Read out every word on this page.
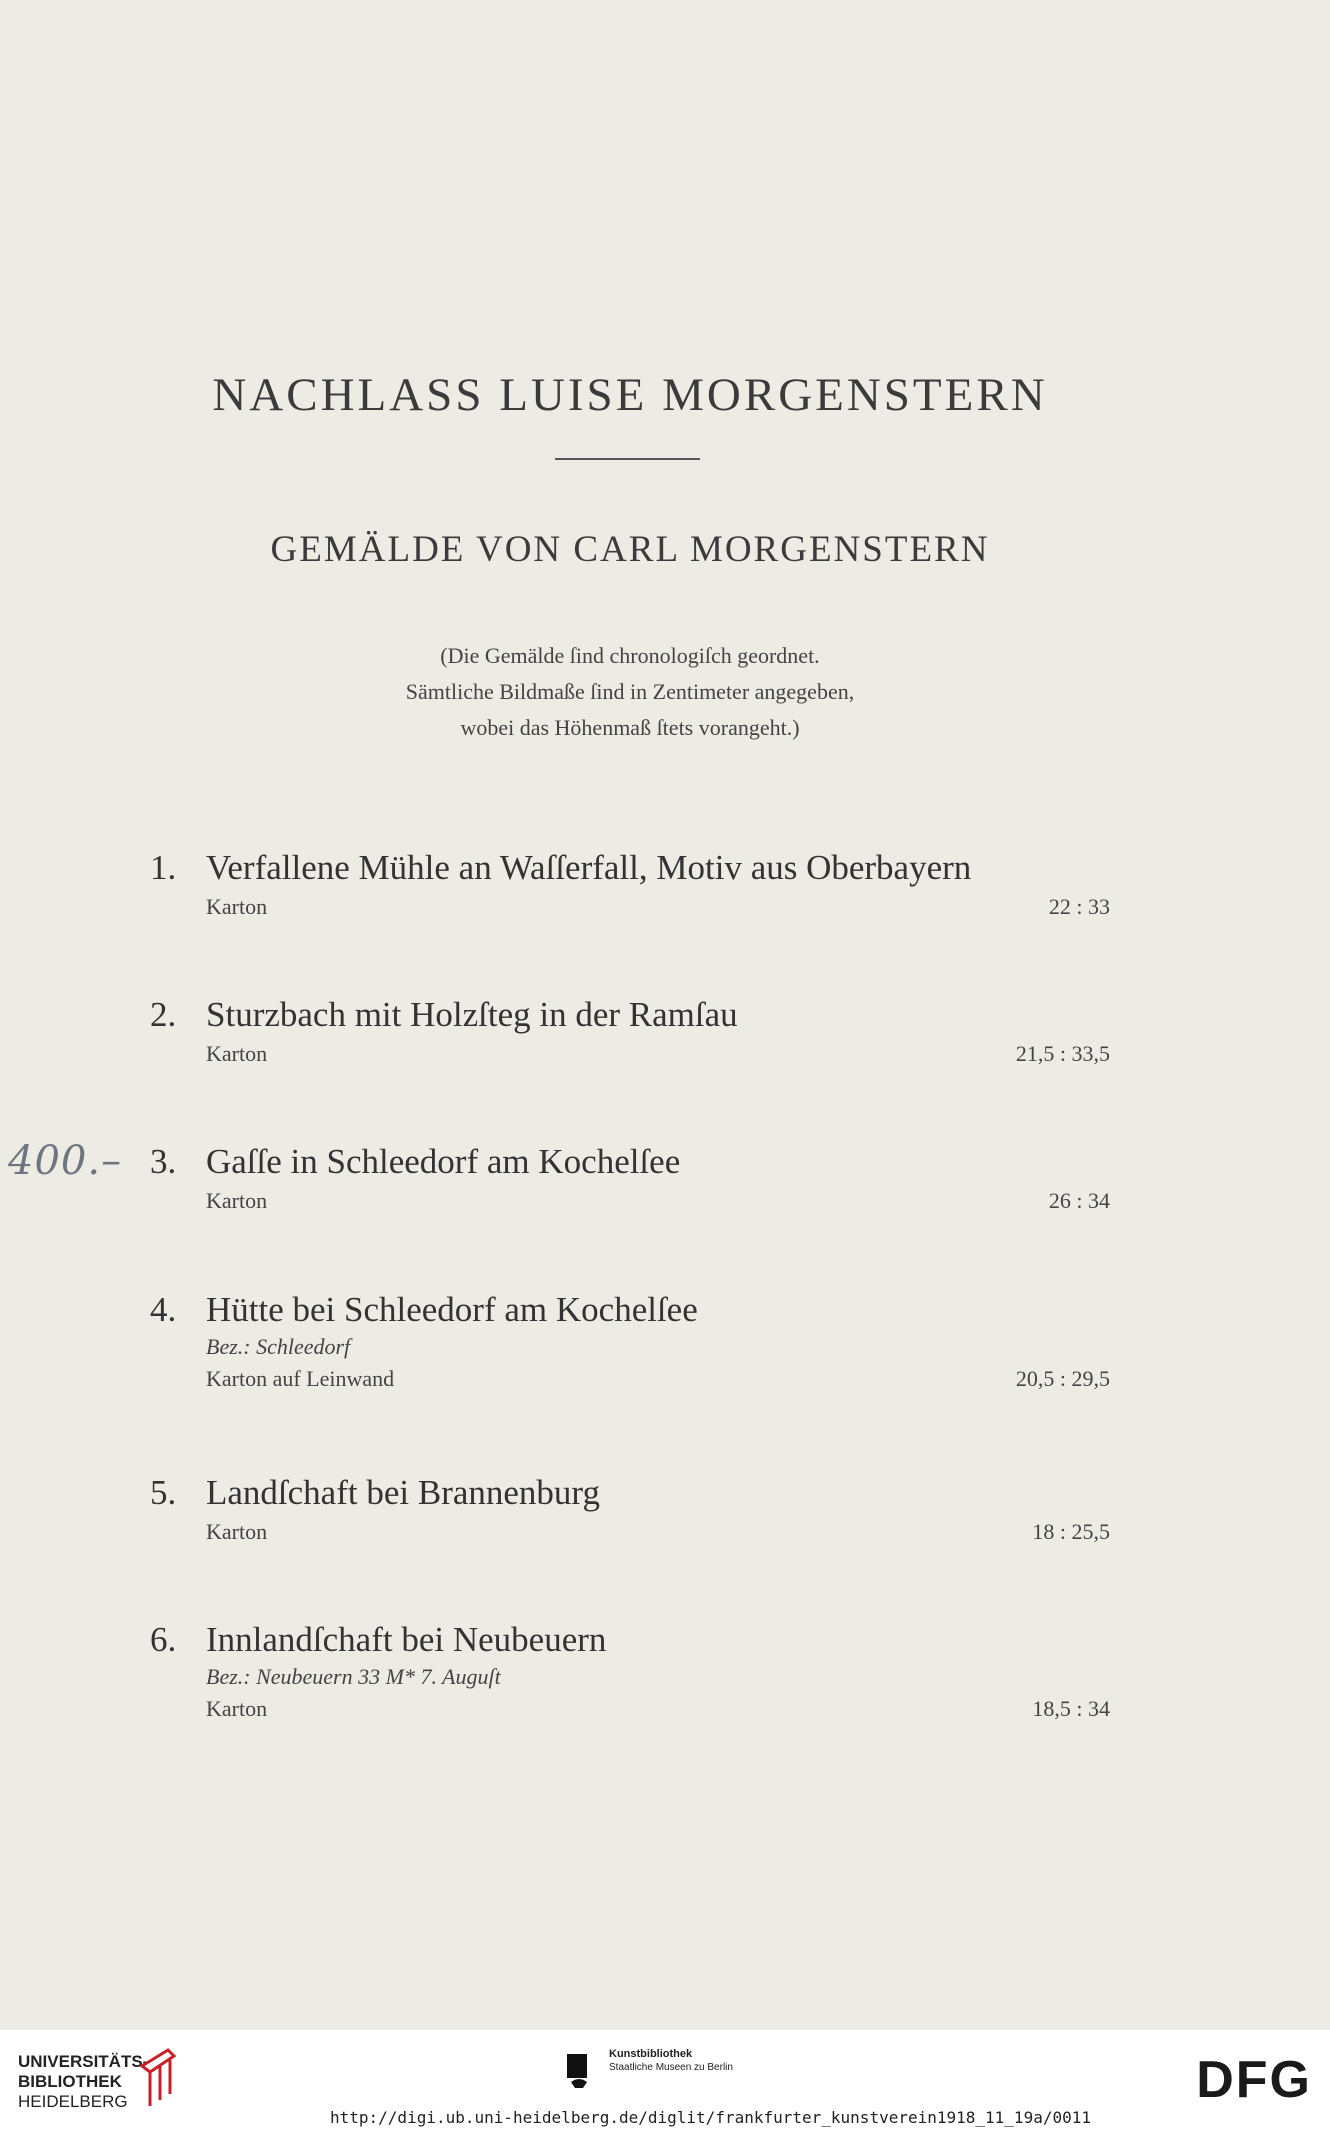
NACHLASS LUISE MORGENSTERN
GEMÄLDE VON CARL MORGENSTERN
(Die Gemälde ſind chronologiſch geordnet.
Sämtliche Bildmaße ſind in Zentimeter angegeben,
wobei das Höhenmaß ſtets vorangeht.)
400.–
1. Verfallene Mühle an Waſſerfall, Motiv aus Oberbayern
Karton	22 : 33
2. Sturzbach mit Holzſteg in der Ramſau
Karton	21,5 : 33,5
3. Gaſſe in Schleedorf am Kochelſee
Karton	26 : 34
4. Hütte bei Schleedorf am Kochelſee
Bez.: Schleedorf
Karton auf Leinwand	20,5 : 29,5
5. Landſchaft bei Brannenburg
Karton	18 : 25,5
6. Innlandſchaft bei Neubeuern
Bez.: Neubeuern 33 M* 7. Auguſt
Karton	18,5 : 34
UNIVERSITÄTS-
BIBLIOTHEK
HEIDELBERG
Kunstbibliothek
Staatliche Museen zu Berlin	DFG
http://digi.ub.uni-heidelberg.de/diglit/frankfurter_kunstverein1918_11_19a/0011
